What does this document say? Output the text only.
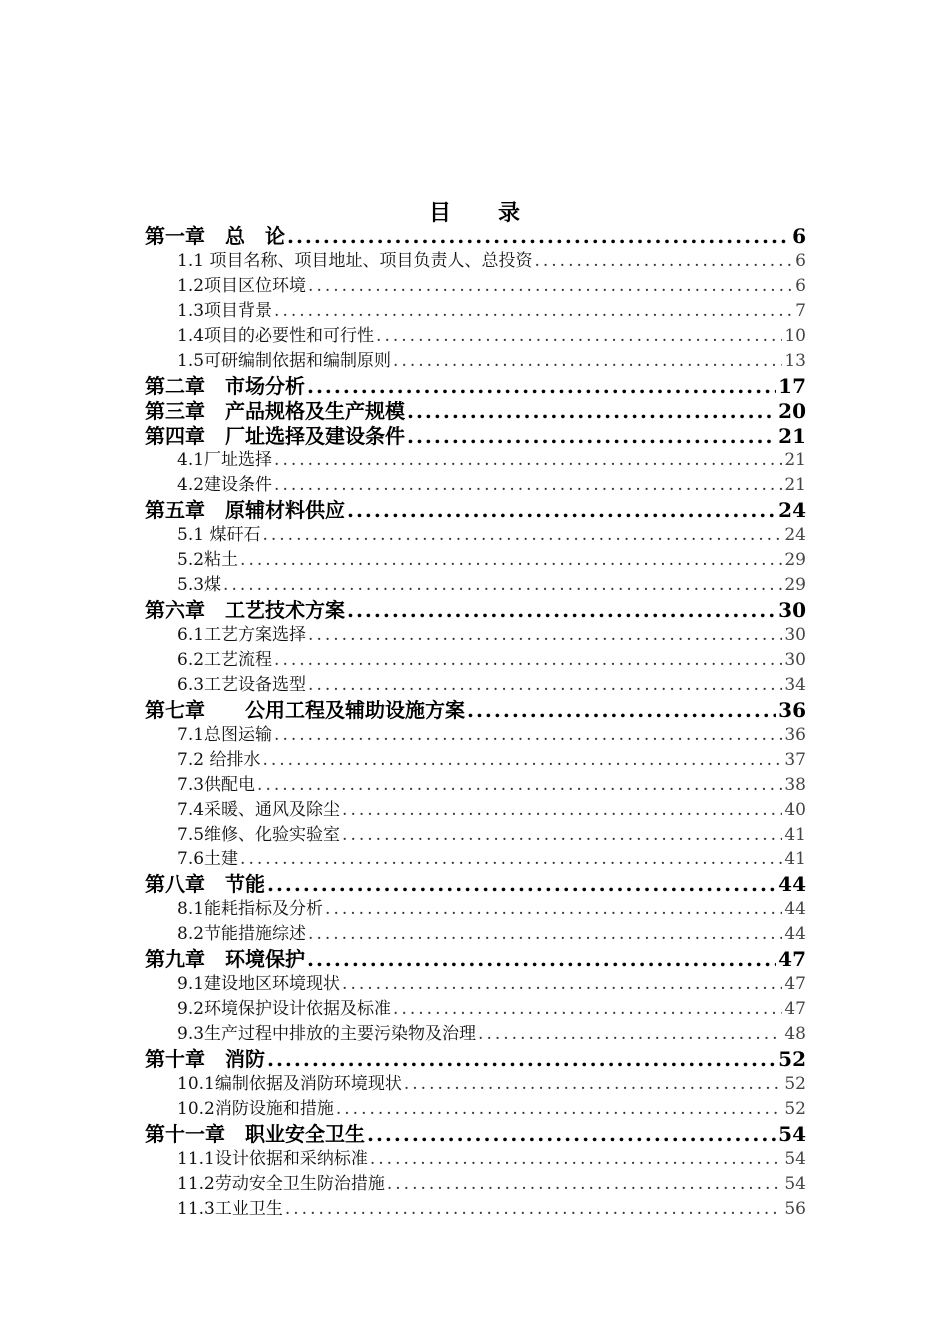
目　　录
第一章　总　论 .....	6
1.1 项目名称、项目地址、项目负责人、总投资 .....	6
1.2项目区位环境 .....	6
1.3项目背景 .....	7
1.4项目的必要性和可行性 .....	10
1.5可研编制依据和编制原则 .....	13
第二章　市场分析 .....	17
第三章　产品规格及生产规模 .....	20
第四章　厂址选择及建设条件 .....	21
4.1厂址选择 .....	21
4.2建设条件 .....	21
第五章　原辅材料供应 .....	24
5.1 煤矸石 .....	24
5.2粘土 .....	29
5.3煤 .....	29
第六章　工艺技术方案 .....	30
6.1工艺方案选择 .....	30
6.2工艺流程 .....	30
6.3工艺设备选型 .....	34
第七章　　公用工程及辅助设施方案 .....	36
7.1总图运输 .....	36
7.2 给排水 .....	37
7.3供配电 .....	38
7.4采暖、通风及除尘 .....	40
7.5维修、化验实验室 .....	41
7.6土建 .....	41
第八章　节能 .....	44
8.1能耗指标及分析 .....	44
8.2节能措施综述 .....	44
第九章　环境保护 .....	47
9.1建设地区环境现状 .....	47
9.2环境保护设计依据及标准 .....	47
9.3生产过程中排放的主要污染物及治理 .....	48
第十章　消防 .....	52
10.1编制依据及消防环境现状 .....	52
10.2消防设施和措施 .....	52
第十一章　职业安全卫生 .....	54
11.1设计依据和采纳标准 .....	54
11.2劳动安全卫生防治措施 .....	54
11.3工业卫生 .....	56
